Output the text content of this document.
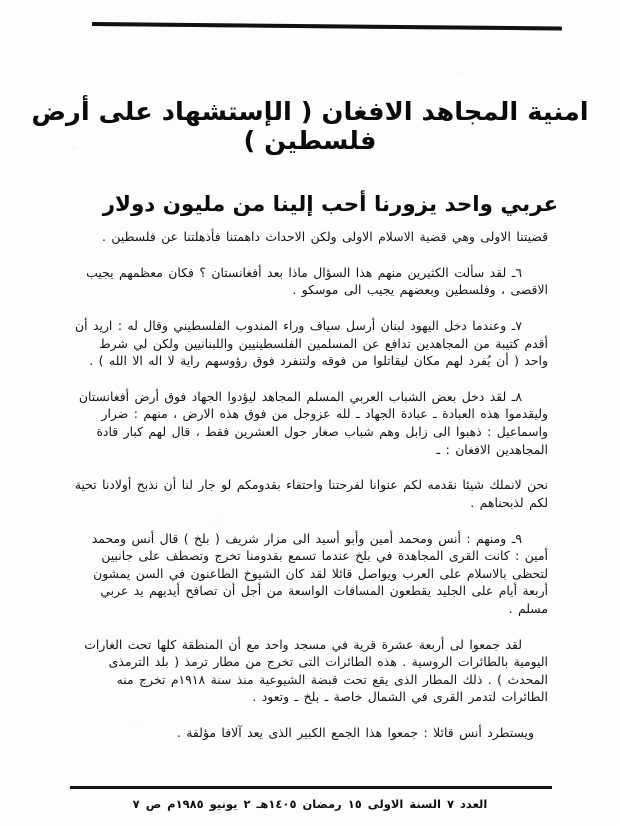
امنية المجاهد الافغان ( الإستشهاد على أرض فلسطين )
عربي واحد يزورنا أحب إلينا من مليون دولار

قضيتنا الاولى وهي قضية الاسلام الاولى ولكن الاحداث داهمتنا فأذهلتنا عن فلسطين .

٦ـ لقد سألت الكثيرين منهم هذا السؤال ماذا بعد أفغانستان ؟ فكان معظمهم يجيب الاقصى ، وفلسطين وبعضهم يجيب الى موسكو .

٧ـ وعندما دخل اليهود لبنان أرسل سياف وراء المندوب الفلسطيني وقال له : اريد أن أقدم كتيبة من المجاهدين تدافع عن المسلمين الفلسطينيين واللبنانيين ولكن لي شرط واحد ( أن يُفرد لهم مكان ليقاتلوا من فوقه ولتنفرد فوق رؤوسهم راية لا اله الا الله ) .

٨ـ لقد دخل بعض الشباب العربي المسلم المجاهد ليؤدوا الجهاد فوق أرض أفغانستان وليقدموا هذه العبادة ـ عبادة الجهاد ـ لله عزوجل من فوق هذه الارض ، منهم : ضرار واسماعيل : ذهبوا الى زابل وهم شباب صغار حول العشرين فقط ، قال لهم كبار قادة المجاهدين الافغان : ـ

نحن لانملك شيئا نقدمه لكم عنوانا لفرحتنا واحتفاء بقدومكم لو جار لنا أن نذبح أولادنا تحية لكم لذبحناهم .

٩ـ ومنهم : أنس ومحمد أمين وأبو أسيد الى مزار شريف ( بلخ ) قال أنس ومحمد أمين : كانت القرى المجاهدة في بلخ عندما تسمع بقدومنا تخرج وتصطف على جانبين لتحظى بالاسلام على العرب ويواصل قائلا لقد كان الشيوخ الطاعنون في السن يمشون أربعة أيام على الجليد يقطعون المسافات الواسعة من أجل أن تصافح أيديهم يد عربي مسلم .

لقد جمعوا لى أربعة عشرة قرية في مسجد واحد مع أن المنطقة كلها تحت الغارات اليومية بالطائرات الروسية . هذه الطائرات التى تخرج من مطار ترمذ ( بلد الترمذى المحدث ) . ذلك المطار الذى يقع تحت قبضة الشيوعية منذ سنة ١٩١٨م تخرج منه الطائرات لتدمر القرى في الشمال خاصة ـ بلخ ـ وتعود .

ويستطرد أنس قائلا : جمعوا هذا الجمع الكبير الذى يعد آلافا مؤلفة .

العدد ٧ السنة الاولى ١٥ رمضان ١٤٠٥هـ ٢ يونيو ١٩٨٥م ص ٧
